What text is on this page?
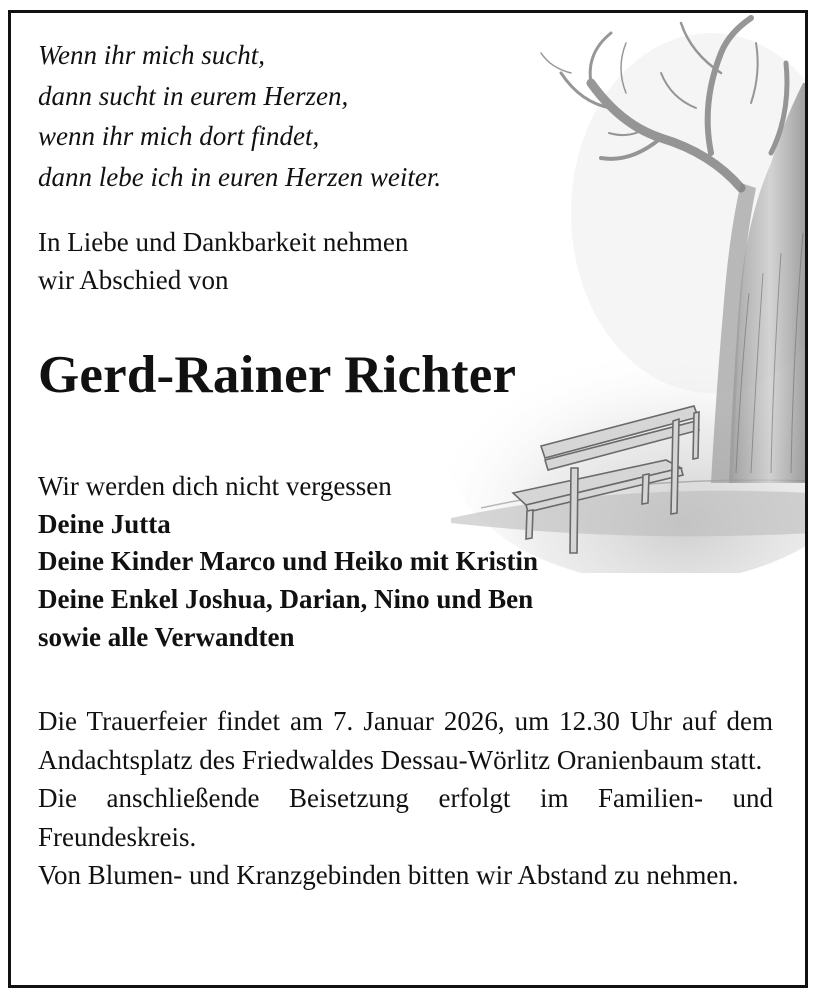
Wenn ihr mich sucht,
dann sucht in eurem Herzen,
wenn ihr mich dort findet,
dann lebe ich in euren Herzen weiter.
In Liebe und Dankbarkeit nehmen
wir Abschied von
Gerd-Rainer Richter
Wir werden dich nicht vergessen
Deine Jutta
Deine Kinder Marco und Heiko mit Kristin
Deine Enkel Joshua, Darian, Nino und Ben
sowie alle Verwandten

Die Trauerfeier findet am 7. Januar 2026, um 12.30 Uhr auf dem Andachtsplatz des Friedwaldes Dessau-Wörlitz Oranienbaum statt.

Die anschließende Beisetzung erfolgt im Familien- und Freundeskreis.

Von Blumen- und Kranzgebinden bitten wir Abstand zu nehmen.
